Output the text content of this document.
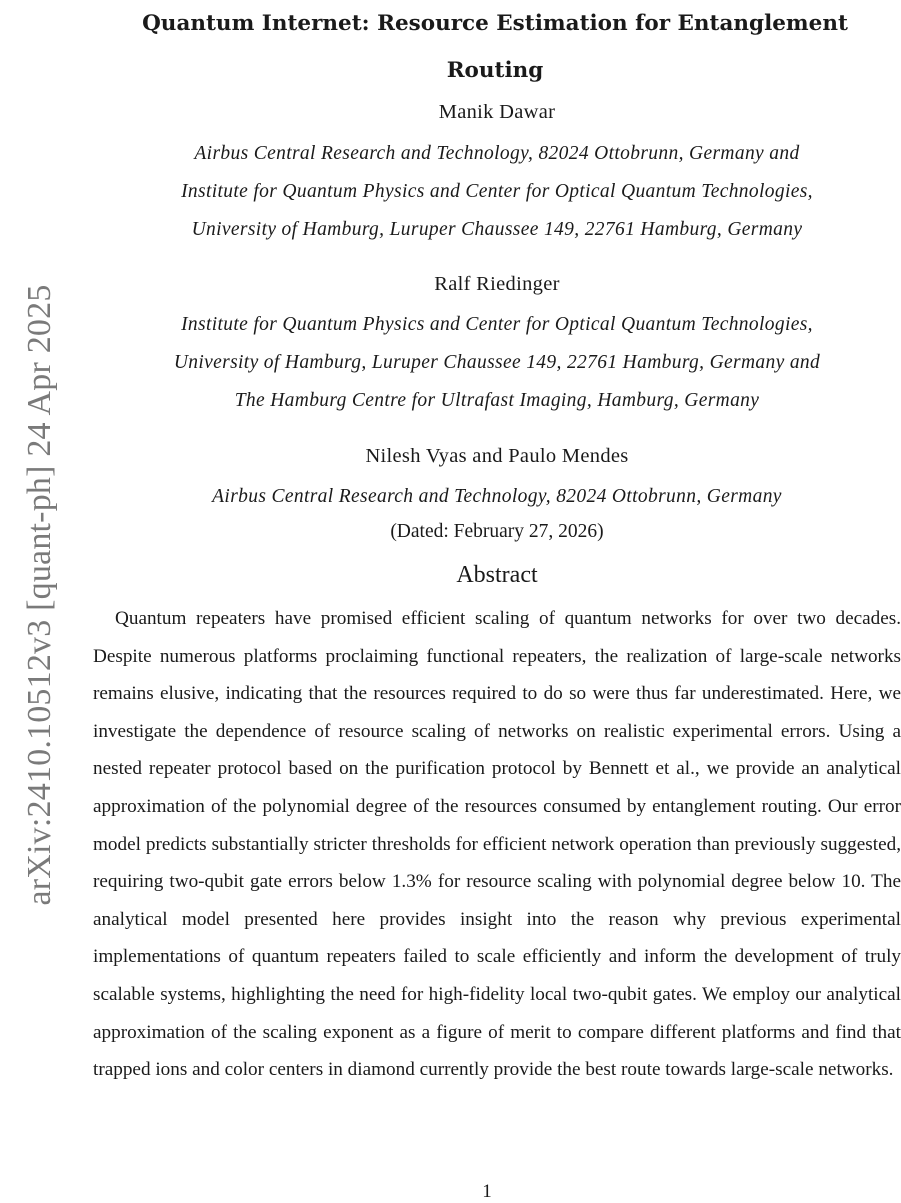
arXiv:2410.10512v3 [quant-ph] 24 Apr 2025
Quantum Internet: Resource Estimation for Entanglement
Routing
Manik Dawar
Airbus Central Research and Technology, 82024 Ottobrunn, Germany and
Institute for Quantum Physics and Center for Optical Quantum Technologies,
University of Hamburg, Luruper Chaussee 149, 22761 Hamburg, Germany
Ralf Riedinger
Institute for Quantum Physics and Center for Optical Quantum Technologies,
University of Hamburg, Luruper Chaussee 149, 22761 Hamburg, Germany and
The Hamburg Centre for Ultrafast Imaging, Hamburg, Germany
Nilesh Vyas and Paulo Mendes
Airbus Central Research and Technology, 82024 Ottobrunn, Germany
(Dated: February 27, 2026)
Abstract

Quantum repeaters have promised efficient scaling of quantum networks for over two decades. Despite numerous platforms proclaiming functional repeaters, the realization of large-scale networks remains elusive, indicating that the resources required to do so were thus far underestimated. Here, we investigate the dependence of resource scaling of networks on realistic experimental errors. Using a nested repeater protocol based on the purification protocol by Bennett et al., we provide an analytical approximation of the polynomial degree of the resources consumed by entanglement routing. Our error model predicts substantially stricter thresholds for efficient network operation than previously suggested, requiring two-qubit gate errors below 1.3% for resource scaling with polynomial degree below 10. The analytical model presented here provides insight into the reason why previous experimental implementations of quantum repeaters failed to scale efficiently and inform the development of truly scalable systems, highlighting the need for high-fidelity local two-qubit gates. We employ our analytical approximation of the scaling exponent as a figure of merit to compare different platforms and find that trapped ions and color centers in diamond currently provide the best route towards large-scale networks.

1
